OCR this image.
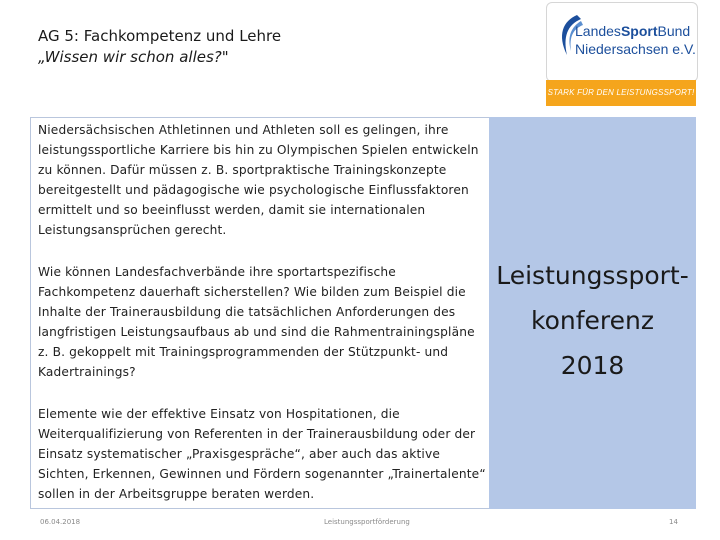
AG 5: Fachkompetenz und Lehre
„Wissen wir schon alles?"
LandesSportBund
Niedersachsen e.V.
STARK FÜR DEN LEISTUNGSSPORT!
Niedersächsischen Athletinnen und Athleten soll es gelingen, ihre leistungssportliche Karriere bis hin zu Olympischen Spielen entwickeln zu können. Dafür müssen z. B. sportpraktische Trainingskonzepte bereitgestellt und pädagogische wie psychologische Einflussfaktoren ermittelt und so beeinflusst werden, damit sie internationalen Leistungsansprüchen gerecht.
Wie können Landesfachverbände ihre sportartspezifische Fachkompetenz dauerhaft sicherstellen? Wie bilden zum Beispiel die Inhalte der Trainerausbildung die tatsächlichen Anforderungen des langfristigen Leistungsaufbaus ab und sind die Rahmentrainingspläne z. B. gekoppelt mit Trainingsprogrammenden der Stützpunkt- und Kadertrainings?
Elemente wie der effektive Einsatz von Hospitationen, die Weiterqualifizierung von Referenten in der Trainerausbildung oder der Einsatz systematischer „Praxisgespräche“, aber auch das aktive Sichten, Erkennen, Gewinnen und Fördern sogenannter „Trainertalente“ sollen in der Arbeitsgruppe beraten werden.
Leistungssport-
konferenz
2018
06.04.2018	Leistungssportförderung	14
